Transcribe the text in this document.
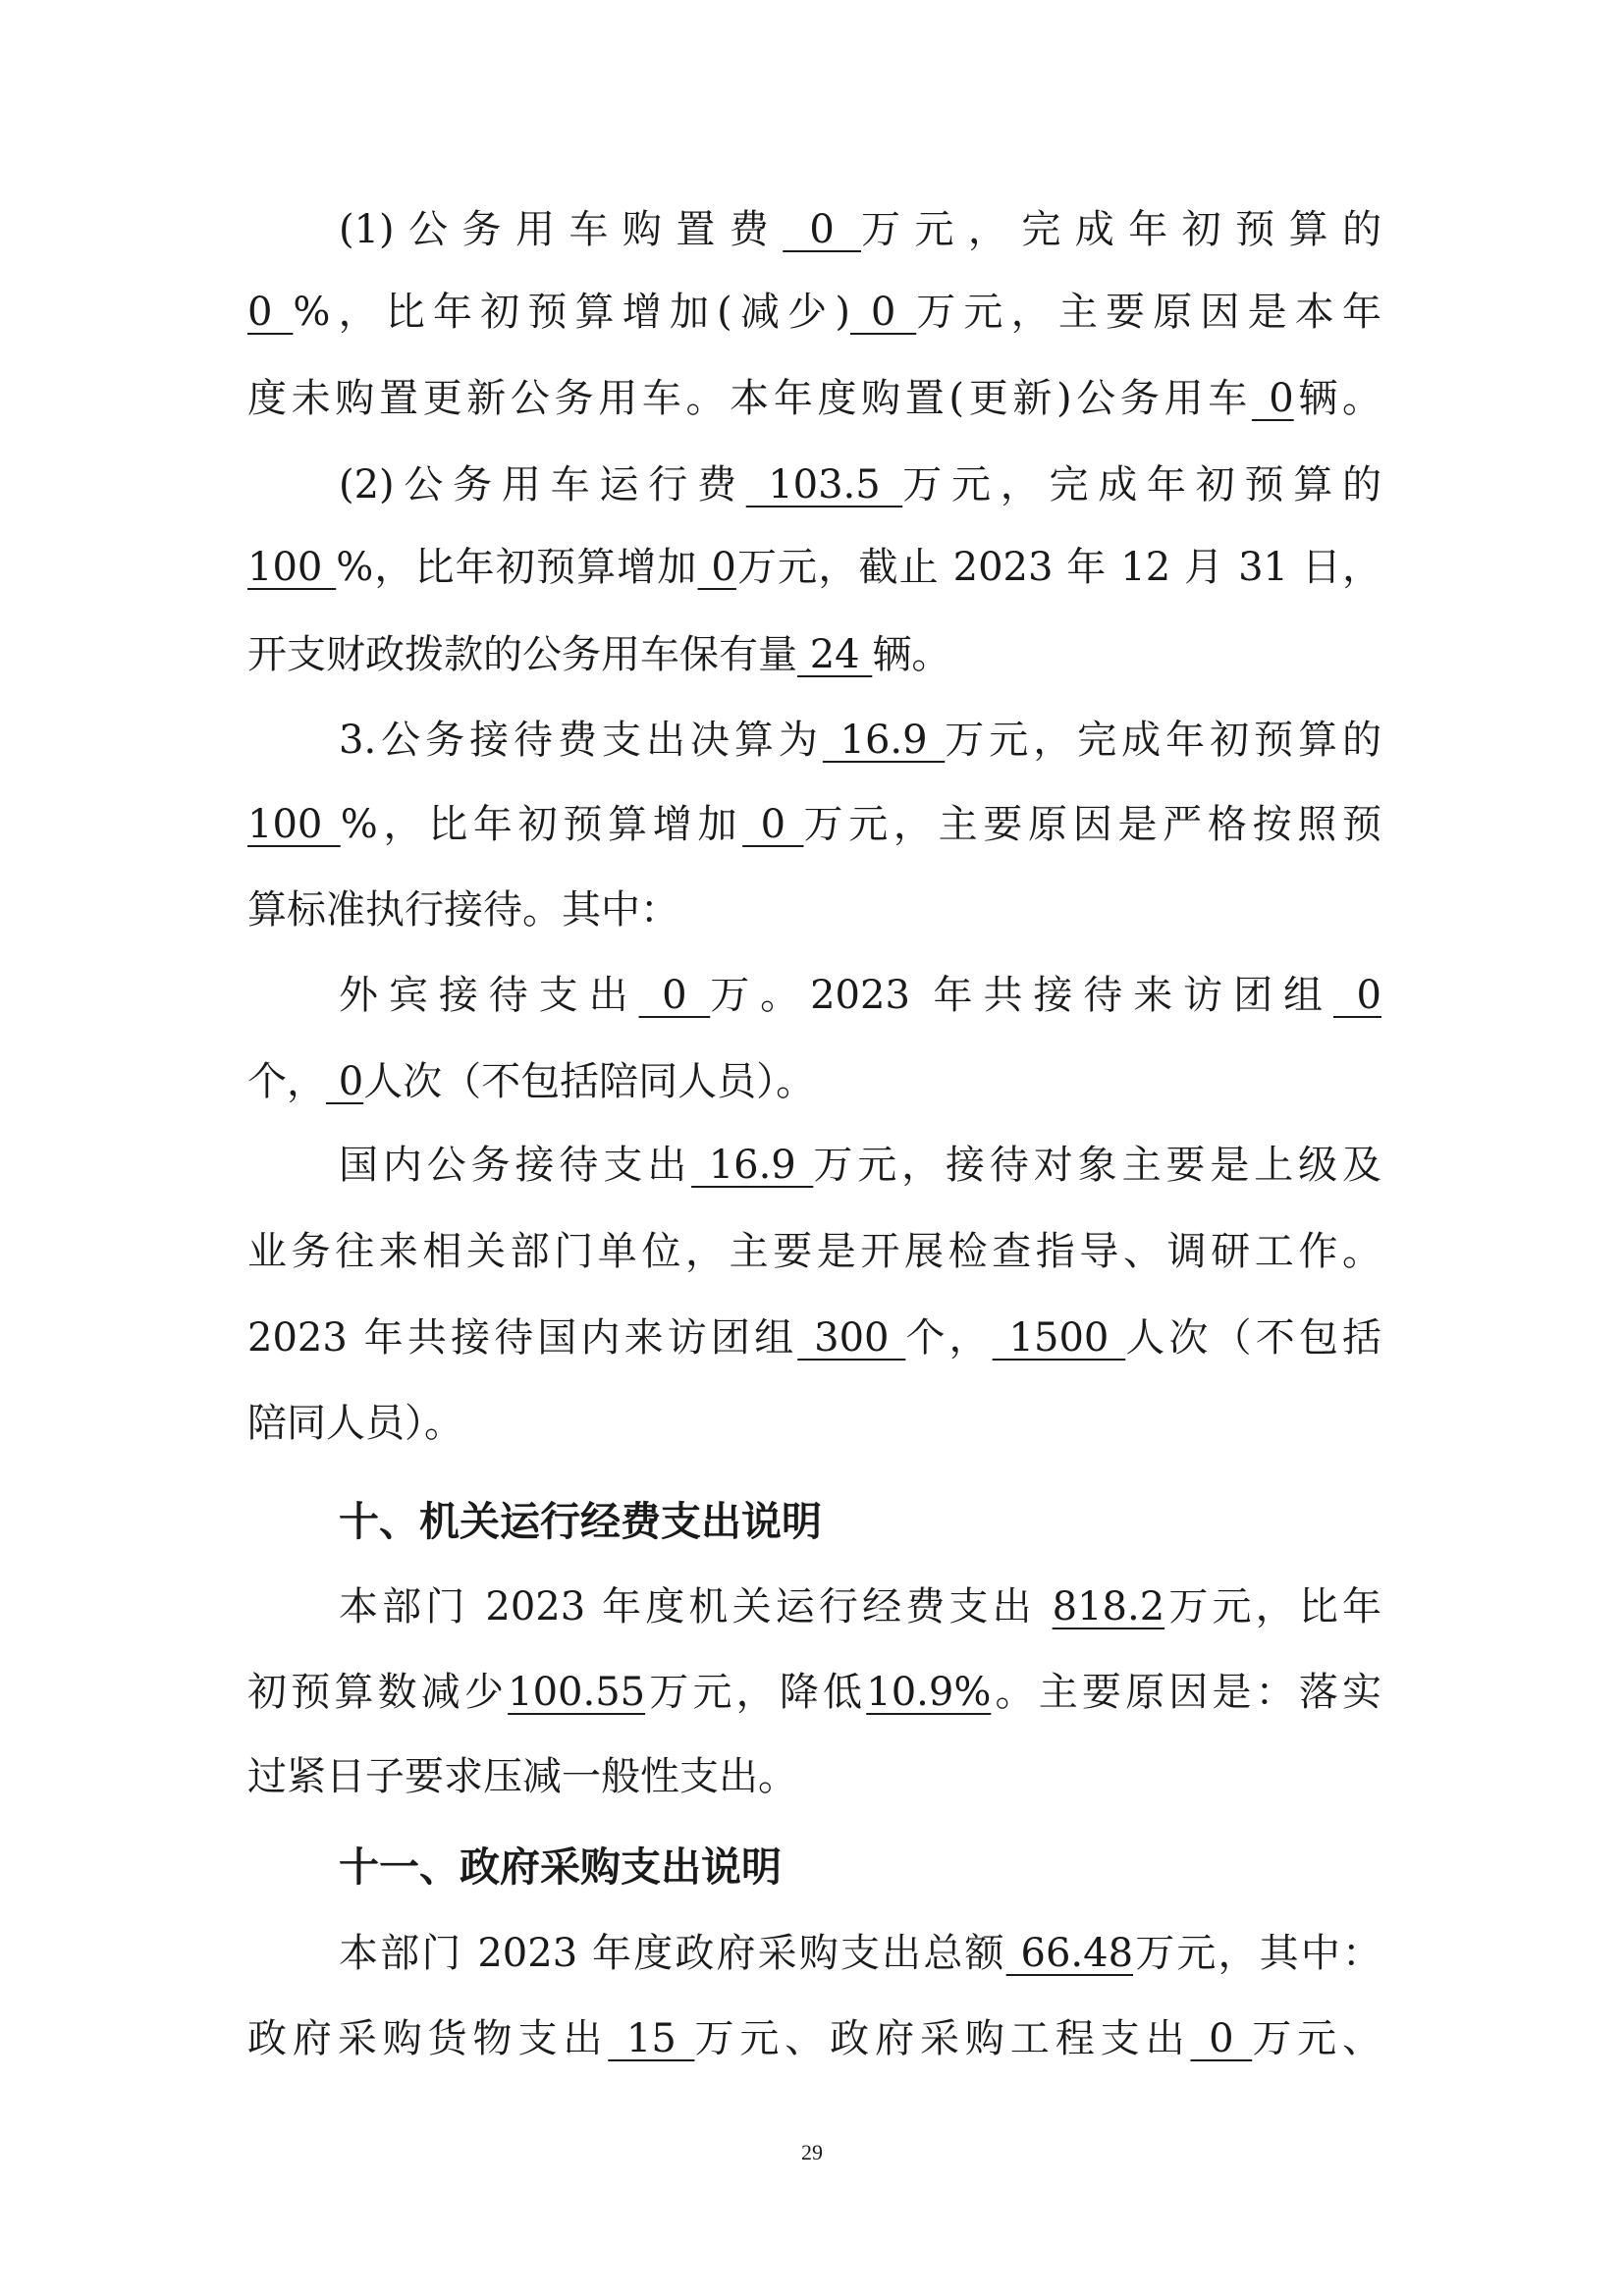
(1)公务用车购置费 0 万元，完成年初预算的
0 %，比年初预算增加(减少) 0 万元，主要原因是本年
度未购置更新公务用车。本年度购置(更新)公务用车 0辆。
(2)公务用车运行费 103.5 万元，完成年初预算的
100 %，比年初预算增加 0万元，截止 2023 年 12 月 31 日，
开支财政拨款的公务用车保有量 24 辆。
3.公务接待费支出决算为 16.9 万元，完成年初预算的
100 %，比年初预算增加 0 万元，主要原因是严格按照预
算标准执行接待。其中：
外宾接待支出 0 万。2023 年共接待来访团组 0
个， 0人次（不包括陪同人员）。
国内公务接待支出 16.9 万元，接待对象主要是上级及
业务往来相关部门单位，主要是开展检查指导、调研工作。
2023 年共接待国内来访团组 300 个， 1500 人次（不包括
陪同人员）。
十、机关运行经费支出说明
本部门 2023 年度机关运行经费支出 818.2万元，比年
初预算数减少100.55万元，降低10.9%。主要原因是：落实
过紧日子要求压减一般性支出。
十一、政府采购支出说明
本部门 2023 年度政府采购支出总额 66.48万元，其中：
政府采购货物支出 15 万元、政府采购工程支出 0 万元、
29
